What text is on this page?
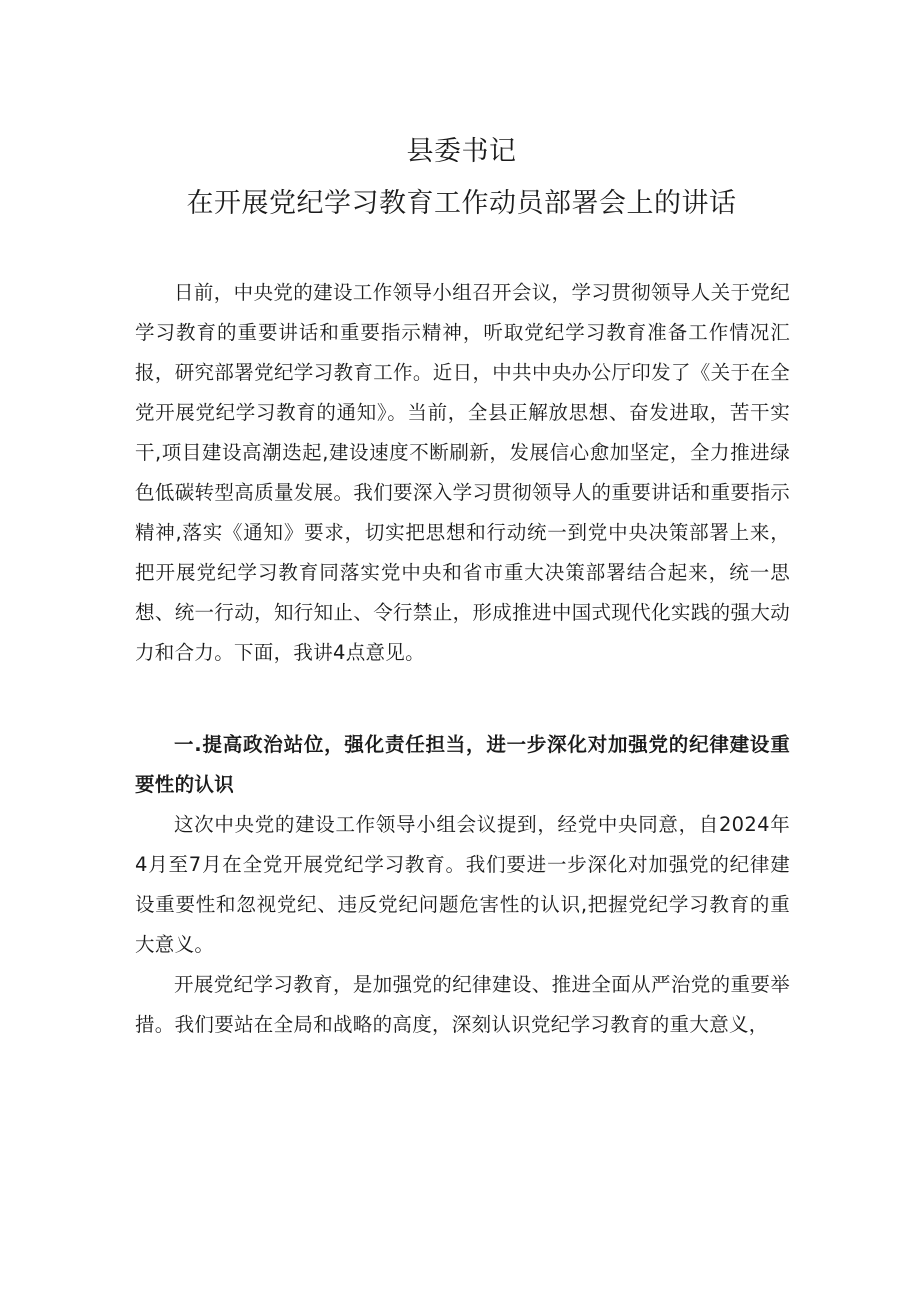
县委书记
在开展党纪学习教育工作动员部署会上的讲话

日前，中央党的建设工作领导小组召开会议，学习贯彻领导人关于党纪学习教育的重要讲话和重要指示精神，听取党纪学习教育准备工作情况汇报，研究部署党纪学习教育工作。近日，中共中央办公厅印发了《关于在全党开展党纪学习教育的通知》。当前，全县正解放思想、奋发进取，苦干实干,项目建设高潮迭起,建设速度不断刷新，发展信心愈加坚定，全力推进绿色低碳转型高质量发展。我们要深入学习贯彻领导人的重要讲话和重要指示精神,落实《通知》要求，切实把思想和行动统一到党中央决策部署上来，把开展党纪学习教育同落实党中央和省市重大决策部署结合起来，统一思想、统一行动，知行知止、令行禁止，形成推进中国式现代化实践的强大动力和合力。下面，我讲4点意见。

一.提高政治站位，强化责任担当，进一步深化对加强党的纪律建设重要性的认识

这次中央党的建设工作领导小组会议提到，经党中央同意，自2024年4月至7月在全党开展党纪学习教育。我们要进一步深化对加强党的纪律建设重要性和忽视党纪、违反党纪问题危害性的认识,把握党纪学习教育的重大意义。

开展党纪学习教育，是加强党的纪律建设、推进全面从严治党的重要举措。我们要站在全局和战略的高度，深刻认识党纪学习教育的重大意义，
